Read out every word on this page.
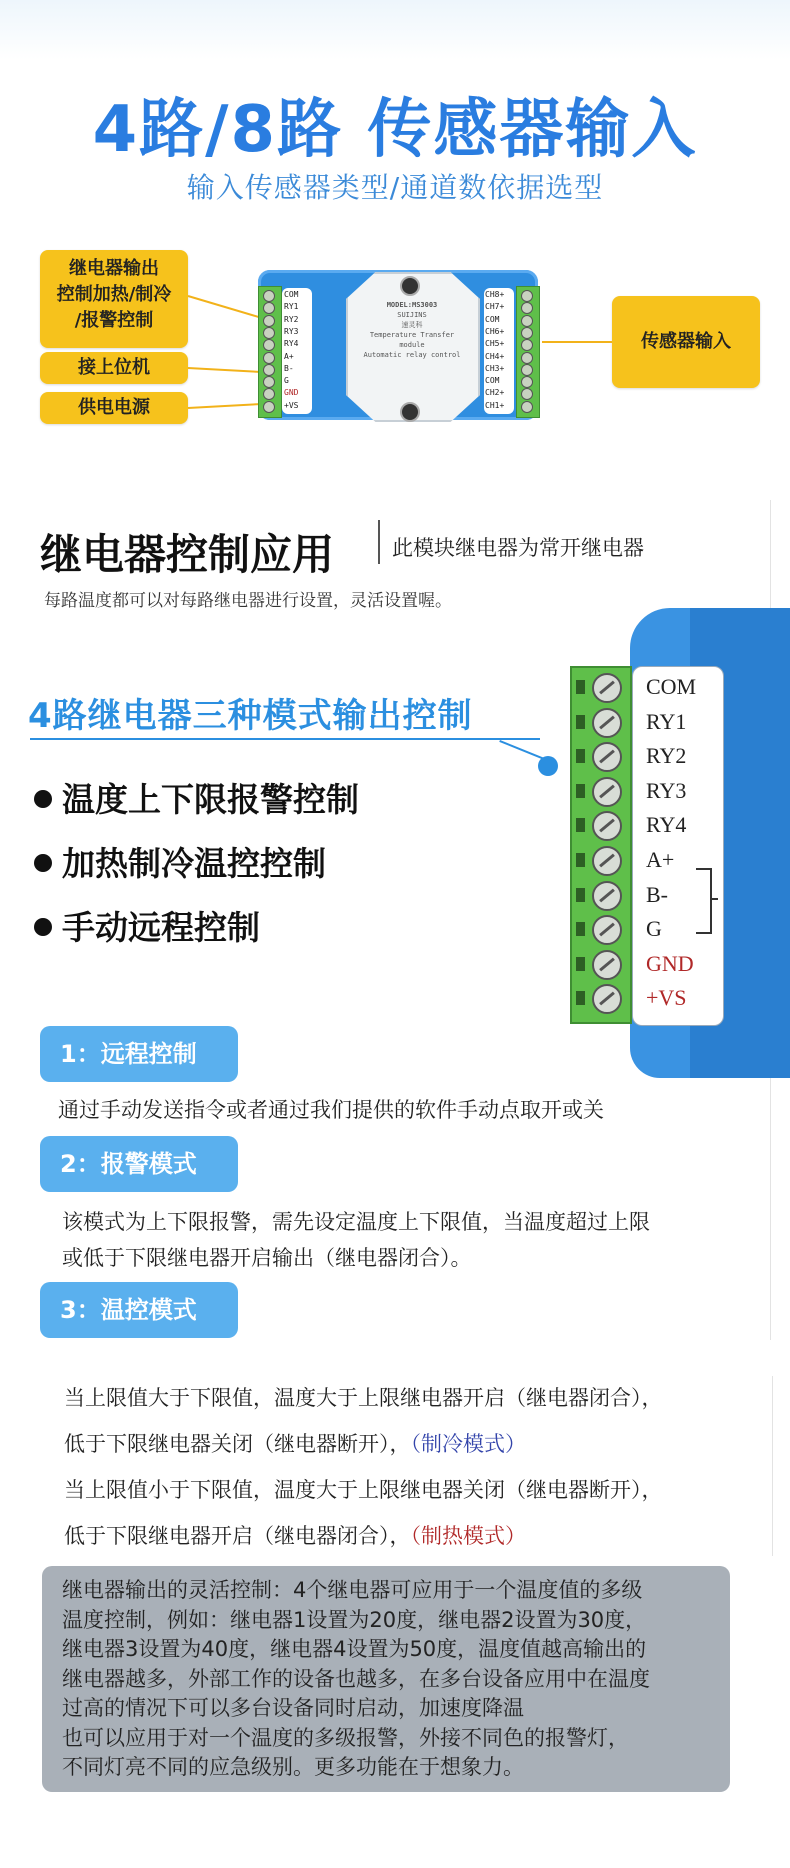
4路/8路 传感器输入
输入传感器类型/通道数依据选型
继电器输出
控制加热/制冷
/报警控制
接上位机
供电电源
传感器输入
COM
RY1
RY2
RY3
RY4
A+
B-
G
GND
+VS
CH8+
CH7+
COM
CH6+
CH5+
CH4+
CH3+
COM
CH2+
CH1+
MODEL:MS3003
SUIJINS
速灵科
Temperature Transfer module
Automatic relay control
继电器控制应用	此模块继电器为常开继电器
每路温度都可以对每路继电器进行设置，灵活设置喔。
4路继电器三种模式输出控制
温度上下限报警控制
加热制冷温控控制
手动远程控制
COM
RY1
RY2
RY3
RY4
A+
B-
G
GND
+VS
1：远程控制
通过手动发送指令或者通过我们提供的软件手动点取开或关
2：报警模式
该模式为上下限报警，需先设定温度上下限值，当温度超过上限
或低于下限继电器开启输出（继电器闭合）。
3：温控模式
当上限值大于下限值，温度大于上限继电器开启（继电器闭合），
低于下限继电器关闭（继电器断开），（制冷模式）
当上限值小于下限值，温度大于上限继电器关闭（继电器断开），
低于下限继电器开启（继电器闭合），（制热模式）
继电器输出的灵活控制：4个继电器可应用于一个温度值的多级
温度控制，例如：继电器1设置为20度，继电器2设置为30度，
继电器3设置为40度，继电器4设置为50度，温度值越高输出的
继电器越多，外部工作的设备也越多，在多台设备应用中在温度
过高的情况下可以多台设备同时启动，加速度降温
也可以应用于对一个温度的多级报警，外接不同色的报警灯，
不同灯亮不同的应急级别。更多功能在于想象力。
